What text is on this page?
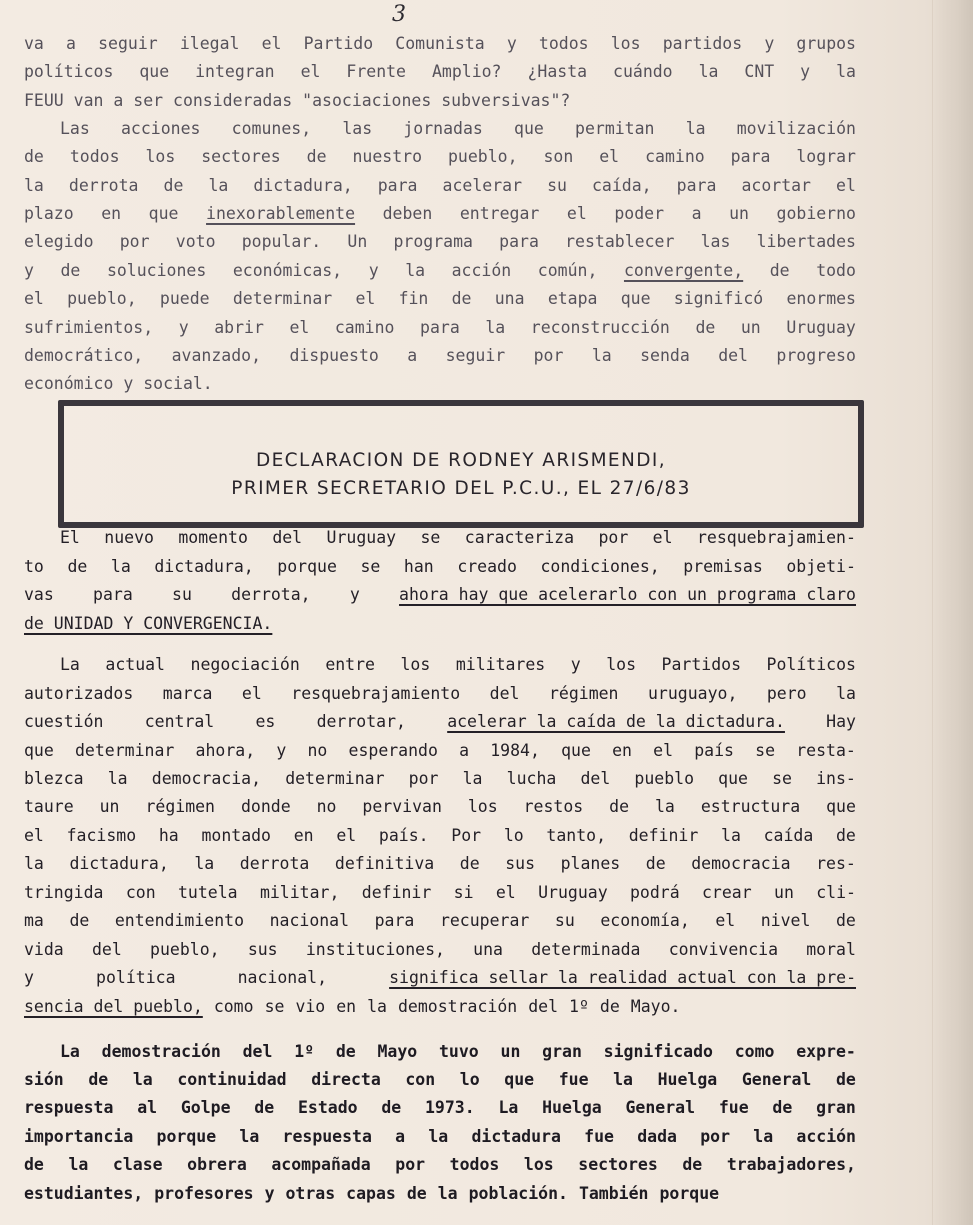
3
va a seguir ilegal el Partido Comunista y todos los partidos y grupos
políticos que integran el Frente Amplio? ¿Hasta cuándo la CNT y la
FEUU van a ser consideradas "asociaciones subversivas"?
Las acciones comunes, las jornadas que permitan la movilización
de todos los sectores de nuestro pueblo, son el camino para lograr
la derrota de la dictadura, para acelerar su caída, para acortar el
plazo en que inexorablemente deben entregar el poder a un gobierno
elegido por voto popular. Un programa para restablecer las libertades
y de soluciones económicas, y la acción común, convergente, de todo
el pueblo, puede determinar el fin de una etapa que significó enormes
sufrimientos, y abrir el camino para la reconstrucción de un Uruguay
democrático, avanzado, dispuesto a seguir por la senda del progreso
económico y social.
DECLARACION DE RODNEY ARISMENDI,
PRIMER SECRETARIO DEL P.C.U., EL 27/6/83
El nuevo momento del Uruguay se caracteriza por el resquebrajamien-
to de la dictadura, porque se han creado condiciones, premisas objeti-
vas para su derrota, y ahora hay que acelerarlo con un programa claro
de UNIDAD Y CONVERGENCIA.
La actual negociación entre los militares y los Partidos Políticos
autorizados marca el resquebrajamiento del régimen uruguayo, pero la
cuestión central es derrotar, acelerar la caída de la dictadura. Hay
que determinar ahora, y no esperando a 1984, que en el país se resta-
blezca la democracia, determinar por la lucha del pueblo que se ins-
taure un régimen donde no pervivan los restos de la estructura que
el facismo ha montado en el país. Por lo tanto, definir la caída de
la dictadura, la derrota definitiva de sus planes de democracia res-
tringida con tutela militar, definir si el Uruguay podrá crear un cli-
ma de entendimiento nacional para recuperar su economía, el nivel de
vida del pueblo, sus instituciones, una determinada convivencia moral
y	política	nacional,	significa sellar la realidad actual con la pre-
sencia del pueblo, como se vio en la demostración del 1º de Mayo.
La demostración del 1º de Mayo tuvo un gran significado como expre-
sión de la continuidad directa con lo que fue la Huelga General de
respuesta al Golpe de Estado de 1973. La Huelga General fue de gran
importancia porque la respuesta a la dictadura fue dada por la acción
de la clase obrera acompañada por todos los sectores de trabajadores,
estudiantes, profesores y otras capas de la población. También porque
